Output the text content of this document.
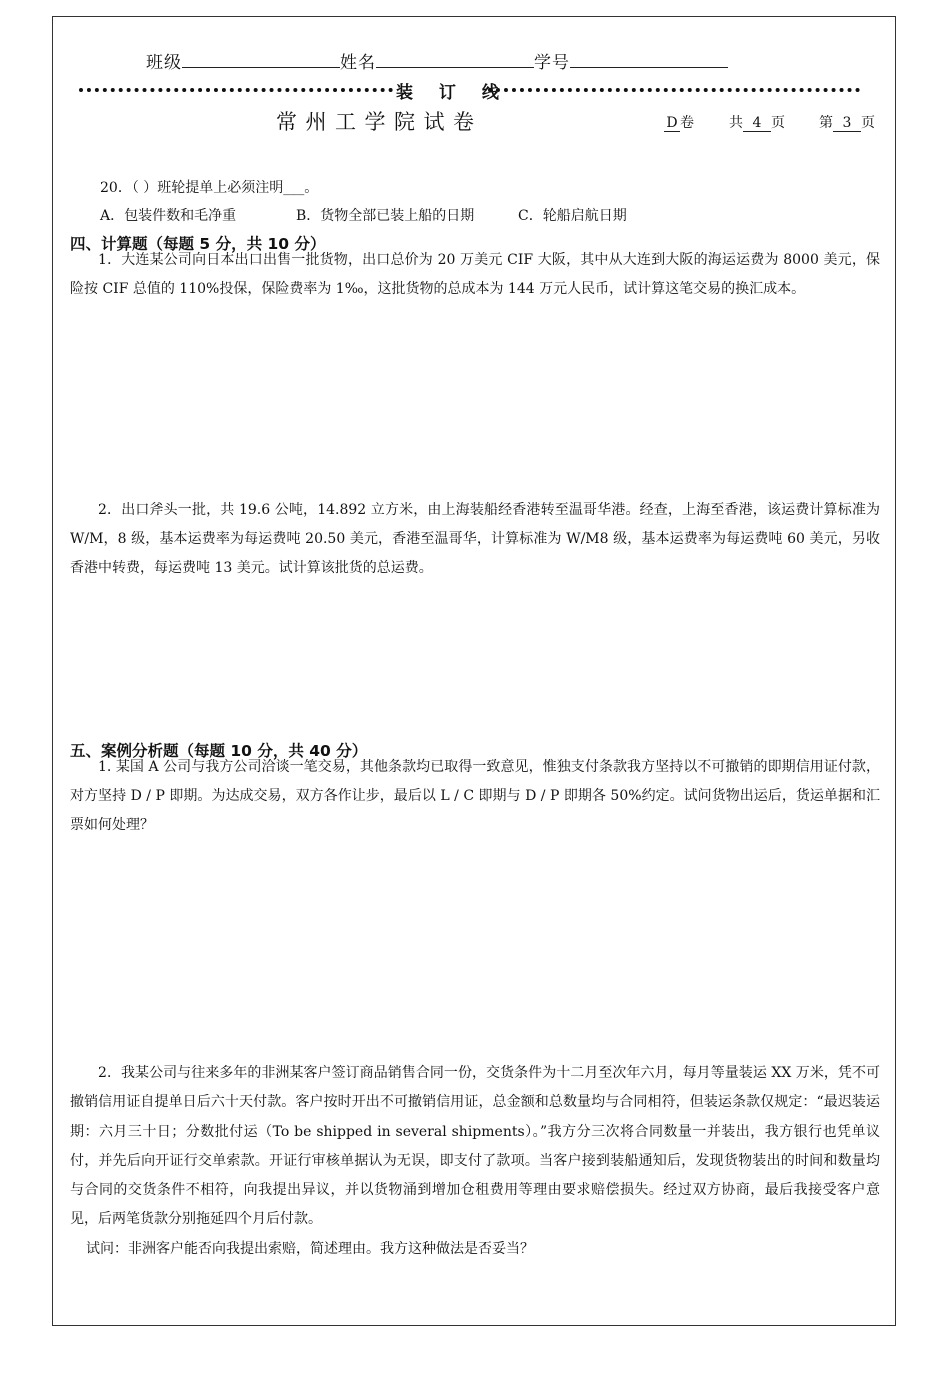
班级	姓名	学号
装 订 线
常州工学院试卷	D 卷	共 4 页 第 3 页
20．（ ）班轮提单上必须注明___。
A．包装件数和毛净重	B．货物全部已装上船的日期	C．轮船启航日期
四、计算题（每题 5 分，共 10 分）
1．大连某公司向日本出口出售一批货物，出口总价为 20 万美元 CIF 大阪，其中从大连到大阪的海运运费为 8000 美元，保险按 CIF 总值的 110%投保，保险费率为 1‰，这批货物的总成本为 144 万元人民币，试计算这笔交易的换汇成本。
2．出口斧头一批，共 19.6 公吨，14.892 立方米，由上海装船经香港转至温哥华港。经查，上海至香港，该运费计算标准为 W/M，8 级，基本运费率为每运费吨 20.50 美元，香港至温哥华，计算标准为 W/M8 级，基本运费率为每运费吨 60 美元，另收香港中转费，每运费吨 13 美元。试计算该批货的总运费。
五、案例分析题（每题 10 分，共 40 分）
1. 某国 A 公司与我方公司洽谈一笔交易，其他条款均已取得一致意见，惟独支付条款我方坚持以不可撤销的即期信用证付款，对方坚持 D / P 即期。为达成交易，双方各作让步，最后以 L / C 即期与 D / P 即期各 50%约定。试问货物出运后，货运单据和汇票如何处理？
2．我某公司与往来多年的非洲某客户签订商品销售合同一份，交货条件为十二月至次年六月，每月等量装运 XX 万米，凭不可撤销信用证自提单日后六十天付款。客户按时开出不可撤销信用证，总金额和总数量均与合同相符，但装运条款仅规定：“最迟装运期：六月三十日；分数批付运（To be shipped in several shipments）。”我方分三次将合同数量一并装出，我方银行也凭单议付，并先后向开证行交单索款。开证行审核单据认为无误，即支付了款项。当客户接到装船通知后，发现货物装出的时间和数量均与合同的交货条件不相符，向我提出异议，并以货物涌到增加仓租费用等理由要求赔偿损失。经过双方协商，最后我接受客户意见，后两笔货款分别拖延四个月后付款。
试问：非洲客户能否向我提出索赔，简述理由。我方这种做法是否妥当？
